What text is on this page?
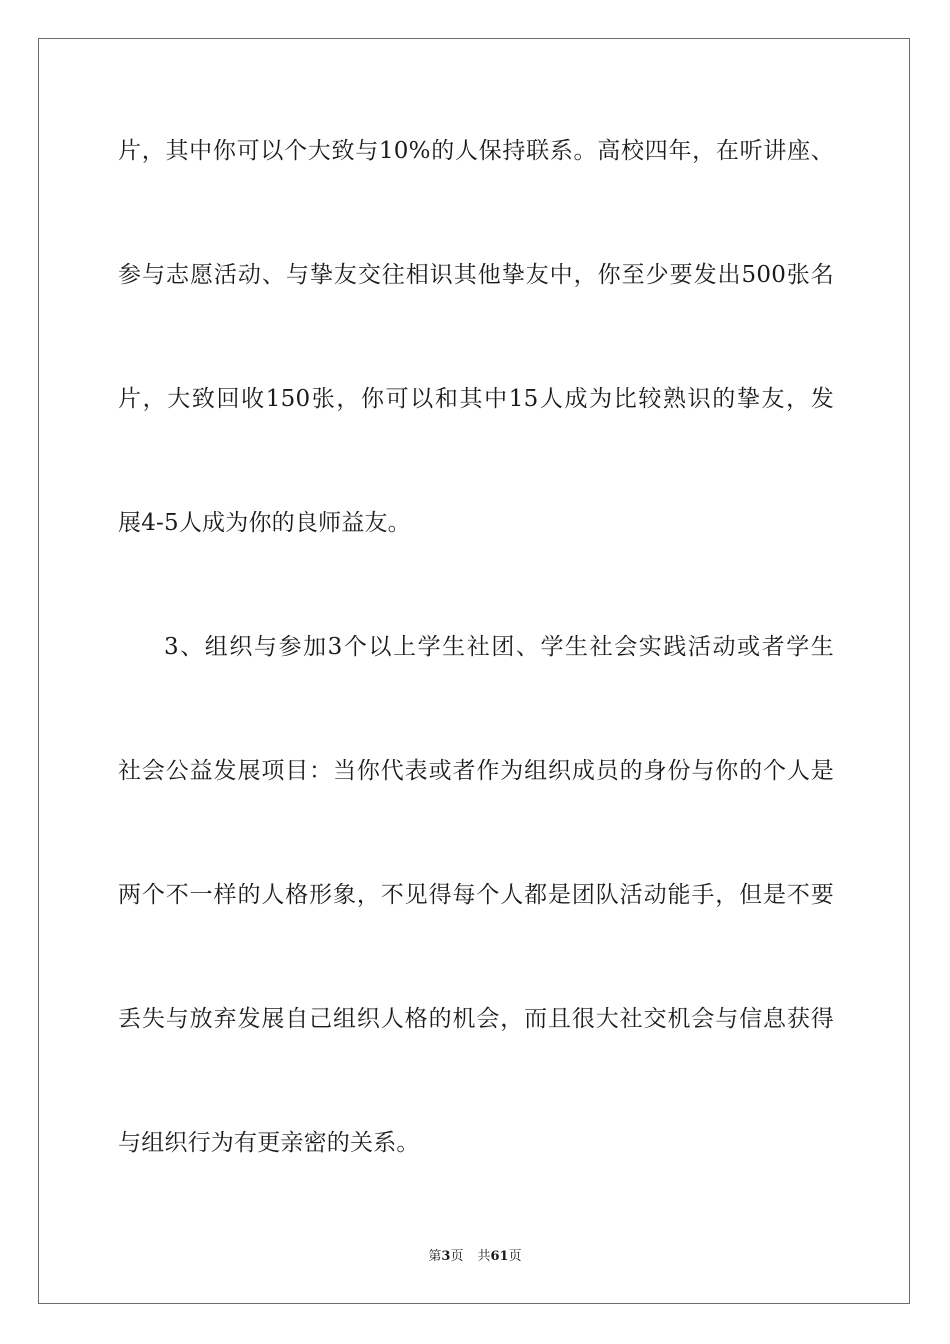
片，其中你可以个大致与10%的人保持联系。高校四年，在听讲座、
参与志愿活动、与挚友交往相识其他挚友中，你至少要发出500张名
片，大致回收150张，你可以和其中15人成为比较熟识的挚友，发
展4-5人成为你的良师益友。
3、组织与参加3个以上学生社团、学生社会实践活动或者学生
社会公益发展项目：当你代表或者作为组织成员的身份与你的个人是
两个不一样的人格形象，不见得每个人都是团队活动能手，但是不要
丢失与放弃发展自己组织人格的机会，而且很大社交机会与信息获得
与组织行为有更亲密的关系。
第3页 共61页
